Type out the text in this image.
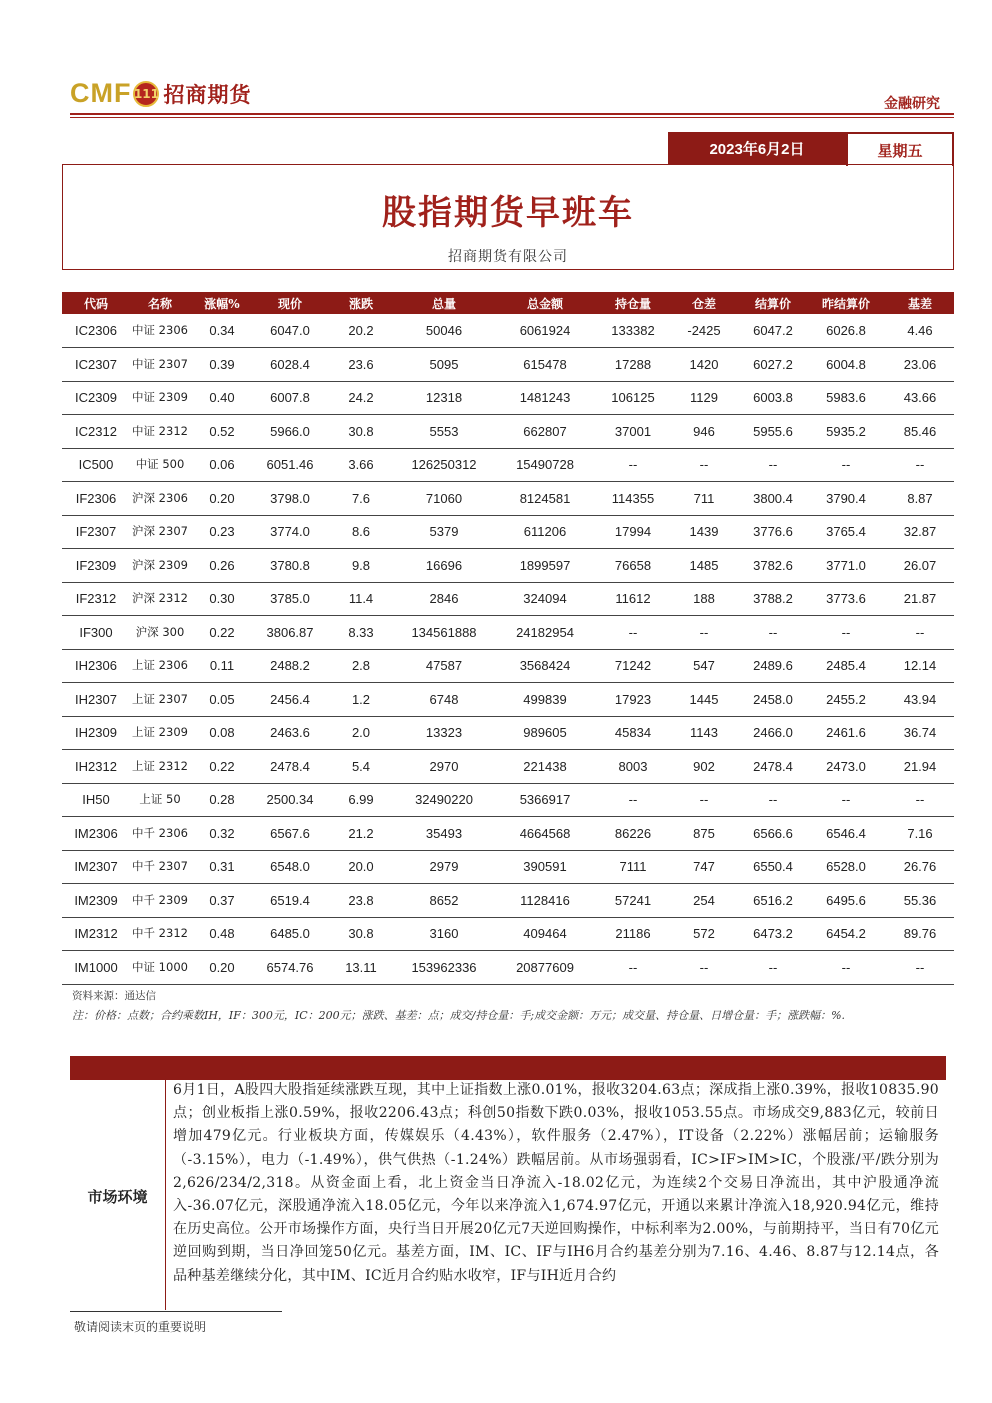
CMF 111 招商期货	金融研究
2023年6月2日	星期五
股指期货早班车
招商期货有限公司
代码	名称	涨幅%	现价	涨跌	总量	总金额	持仓量	仓差	结算价	昨结算价	基差
IC2306	中证 2306	0.34	6047.0	20.2	50046	6061924	133382	-2425	6047.2	6026.8	4.46
IC2307	中证 2307	0.39	6028.4	23.6	5095	615478	17288	1420	6027.2	6004.8	23.06
IC2309	中证 2309	0.40	6007.8	24.2	12318	1481243	106125	1129	6003.8	5983.6	43.66
IC2312	中证 2312	0.52	5966.0	30.8	5553	662807	37001	946	5955.6	5935.2	85.46
IC500	中证 500	0.06	6051.46	3.66	126250312	15490728	--	--	--	--	--
IF2306	沪深 2306	0.20	3798.0	7.6	71060	8124581	114355	711	3800.4	3790.4	8.87
IF2307	沪深 2307	0.23	3774.0	8.6	5379	611206	17994	1439	3776.6	3765.4	32.87
IF2309	沪深 2309	0.26	3780.8	9.8	16696	1899597	76658	1485	3782.6	3771.0	26.07
IF2312	沪深 2312	0.30	3785.0	11.4	2846	324094	11612	188	3788.2	3773.6	21.87
IF300	沪深 300	0.22	3806.87	8.33	134561888	24182954	--	--	--	--	--
IH2306	上证 2306	0.11	2488.2	2.8	47587	3568424	71242	547	2489.6	2485.4	12.14
IH2307	上证 2307	0.05	2456.4	1.2	6748	499839	17923	1445	2458.0	2455.2	43.94
IH2309	上证 2309	0.08	2463.6	2.0	13323	989605	45834	1143	2466.0	2461.6	36.74
IH2312	上证 2312	0.22	2478.4	5.4	2970	221438	8003	902	2478.4	2473.0	21.94
IH50	上证 50	0.28	2500.34	6.99	32490220	5366917	--	--	--	--	--
IM2306	中千 2306	0.32	6567.6	21.2	35493	4664568	86226	875	6566.6	6546.4	7.16
IM2307	中千 2307	0.31	6548.0	20.0	2979	390591	7111	747	6550.4	6528.0	26.76
IM2309	中千 2309	0.37	6519.4	23.8	8652	1128416	57241	254	6516.2	6495.6	55.36
IM2312	中千 2312	0.48	6485.0	30.8	3160	409464	21186	572	6473.2	6454.2	89.76
IM1000	中证 1000	0.20	6574.76	13.11	153962336	20877609	--	--	--	--	--
资料来源：通达信
注：价格：点数；合约乘数IH，IF：300元，IC：200元；涨跌、基差：点；成交/持仓量：手;成交金额：万元；成交量、持仓量、日增仓量：手；涨跌幅：%.
市场环境
6月1日，A股四大股指延续涨跌互现，其中上证指数上涨0.01%，报收3204.63点；深成指上涨0.39%，报收10835.90点；创业板指上涨0.59%，报收2206.43点；科创50指数下跌0.03%，报收1053.55点。市场成交9,883亿元，较前日增加479亿元。行业板块方面，传媒娱乐（4.43%），软件服务（2.47%），IT设备（2.22%）涨幅居前；运输服务（-3.15%），电力（-1.49%），供气供热（-1.24%）跌幅居前。从市场强弱看，IC>IF>IM>IC，个股涨/平/跌分别为 2,626/234/2,318。从资金面上看，北上资金当日净流入-18.02亿元，为连续2个交易日净流出，其中沪股通净流入-36.07亿元，深股通净流入18.05亿元，今年以来净流入1,674.97亿元，开通以来累计净流入18,920.94亿元，维持在历史高位。公开市场操作方面，央行当日开展20亿元7天逆回购操作，中标利率为2.00%，与前期持平，当日有70亿元逆回购到期，当日净回笼50亿元。基差方面，IM、IC、IF与IH6月合约基差分别为7.16、4.46、8.87与12.14点，各品种基差继续分化，其中IM、IC近月合约贴水收窄，IF与IH近月合约
敬请阅读末页的重要说明
